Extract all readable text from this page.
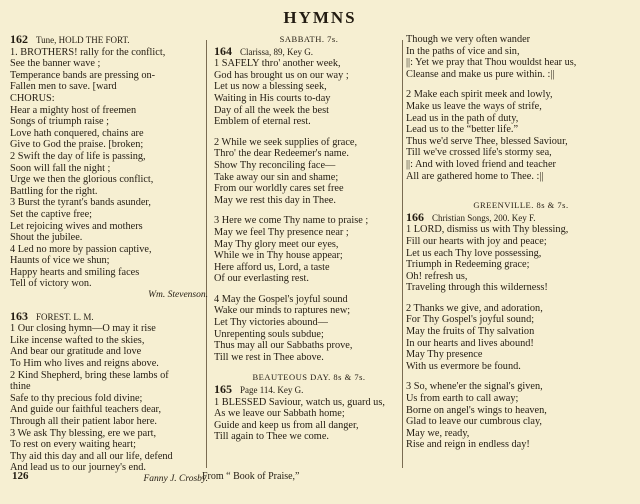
HYMNS
162 Tune, HOLD THE FORT.
1. BROTHERS! rally for the conflict,
See the banner wave ;
Temperance bands are pressing on-
Fallen men to save. [ward
CHORUS:
Hear a mighty host of freemen
Songs of triumph raise ;
Love hath conquered, chains are
Give to God the praise. [broken;
2 Swift the day of life is passing,
Soon will fall the night ;
Urge we then the glorious conflict,
Battling for the right.
3 Burst the tyrant's bands asunder,
Set the captive free;
Let rejoicing wives and mothers
Shout the jubilee.
4 Led no more by passion captive,
Haunts of vice we shun;
Happy hearts and smiling faces
Tell of victory won.
Wm. Stevenson.
163 FOREST. L. M.
1 Our closing hymn—O may it rise
Like incense wafted to the skies,
And bear our gratitude and love
To Him who lives and reigns above.
2 Kind Shepherd, bring these lambs of
thine
Safe to thy precious fold divine;
And guide our faithful teachers dear,
Through all their patient labor here.
3 We ask Thy blessing, ere we part,
To rest on every waiting heart;
Thy aid this day and all our life, defend
And lead us to our journey's end.
Fanny J. Crosby.
SABBATH. 7s.
164 Clarissa, 89, Key G.
1 SAFELY thro' another week,
God has brought us on our way ;
Let us now a blessing seek,
Waiting in His courts to-day
Day of all the week the best
Emblem of eternal rest.
2 While we seek supplies of grace,
Thro' the dear Redeemer's name.
Show Thy reconciling face—
Take away our sin and shame;
From our worldly cares set free
May we rest this day in Thee.
3 Here we come Thy name to praise ;
May we feel Thy presence near ;
May Thy glory meet our eyes,
While we in Thy house appear;
Here afford us, Lord, a taste
Of our everlasting rest.
4 May the Gospel's joyful sound
Wake our minds to raptures new;
Let Thy victories abound—
Unrepenting souls subdue;
Thus may all our Sabbaths prove,
Till we rest in Thee above.
BEAUTEOUS DAY. 8s & 7s.
165 Page 114. Key G.
1 BLESSED Saviour, watch us, guard us,
As we leave our Sabbath home;
Guide and keep us from all danger,
Till again to Thee we come.
Though we very often wander
In the paths of vice and sin,
||: Yet we pray that Thou wouldst hear us,
Cleanse and make us pure within. :||
2 Make each spirit meek and lowly,
Make us leave the ways of strife,
Lead us in the path of duty,
Lead us to the “better life.”
Thus we'd serve Thee, blessed Saviour,
Till we've crossed life's stormy sea,
||: And with loved friend and teacher
All are gathered home to Thee. :||
GREENVILLE. 8s & 7s.
166 Christian Songs, 200. Key F.
1 LORD, dismiss us with Thy blessing,
Fill our hearts with joy and peace;
Let us each Thy love possessing,
Triumph in Redeeming grace;
Oh! refresh us,
Traveling through this wilderness!
2 Thanks we give, and adoration,
For Thy Gospel's joyful sound;
May the fruits of Thy salvation
In our hearts and lives abound!
May Thy presence
With us evermore be found.
3 So, whene'er the signal's given,
Us from earth to call away;
Borne on angel's wings to heaven,
Glad to leave our cumbrous clay,
May we, ready,
Rise and reign in endless day!
126	From “ Book of Praise,”
